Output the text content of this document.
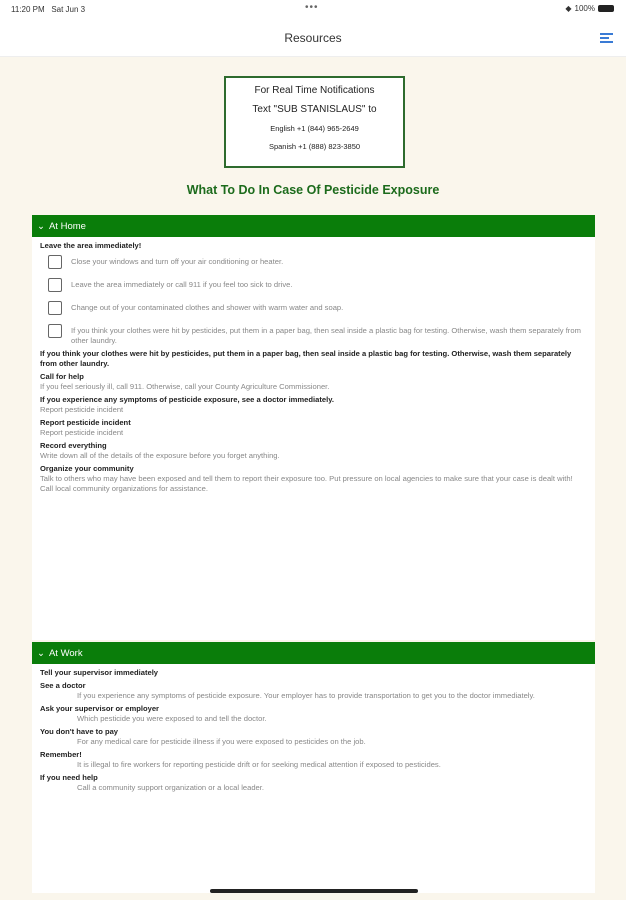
11:20 PM Sat Jun 3	•••	◆ 100%
Resources
For Real Time Notifications
Text "SUB STANISLAUS" to
English +1 (844) 965-2649
Spanish +1 (888) 823-3850
What To Do In Case Of Pesticide Exposure
⌄ At Home
Leave the area immediately!
Close your windows and turn off your air conditioning or heater.
Leave the area immediately or call 911 if you feel too sick to drive.
Change out of your contaminated clothes and shower with warm water and soap.
If you think your clothes were hit by pesticides, put them in a paper bag, then seal inside a plastic bag for testing. Otherwise, wash them separately from other laundry.
If you think your clothes were hit by pesticides, put them in a paper bag, then seal inside a plastic bag for testing. Otherwise, wash them separately from other laundry.
Call for help
If you feel seriously ill, call 911. Otherwise, call your County Agriculture Commissioner.
If you experience any symptoms of pesticide exposure, see a doctor immediately.
Report pesticide incident
Report pesticide incident
Report pesticide incident
Record everything
Write down all of the details of the exposure before you forget anything.
Organize your community
Talk to others who may have been exposed and tell them to report their exposure too. Put pressure on local agencies to make sure that your case is dealt with! Call local community organizations for assistance.
⌄ At Work
Tell your supervisor immediately
See a doctor
If you experience any symptoms of pesticide exposure. Your employer has to provide transportation to get you to the doctor immediately.
Ask your supervisor or employer
Which pesticide you were exposed to and tell the doctor.
You don't have to pay
For any medical care for pesticide illness if you were exposed to pesticides on the job.
Remember!
It is illegal to fire workers for reporting pesticide drift or for seeking medical attention if exposed to pesticides.
If you need help
Call a community support organization or a local leader.
